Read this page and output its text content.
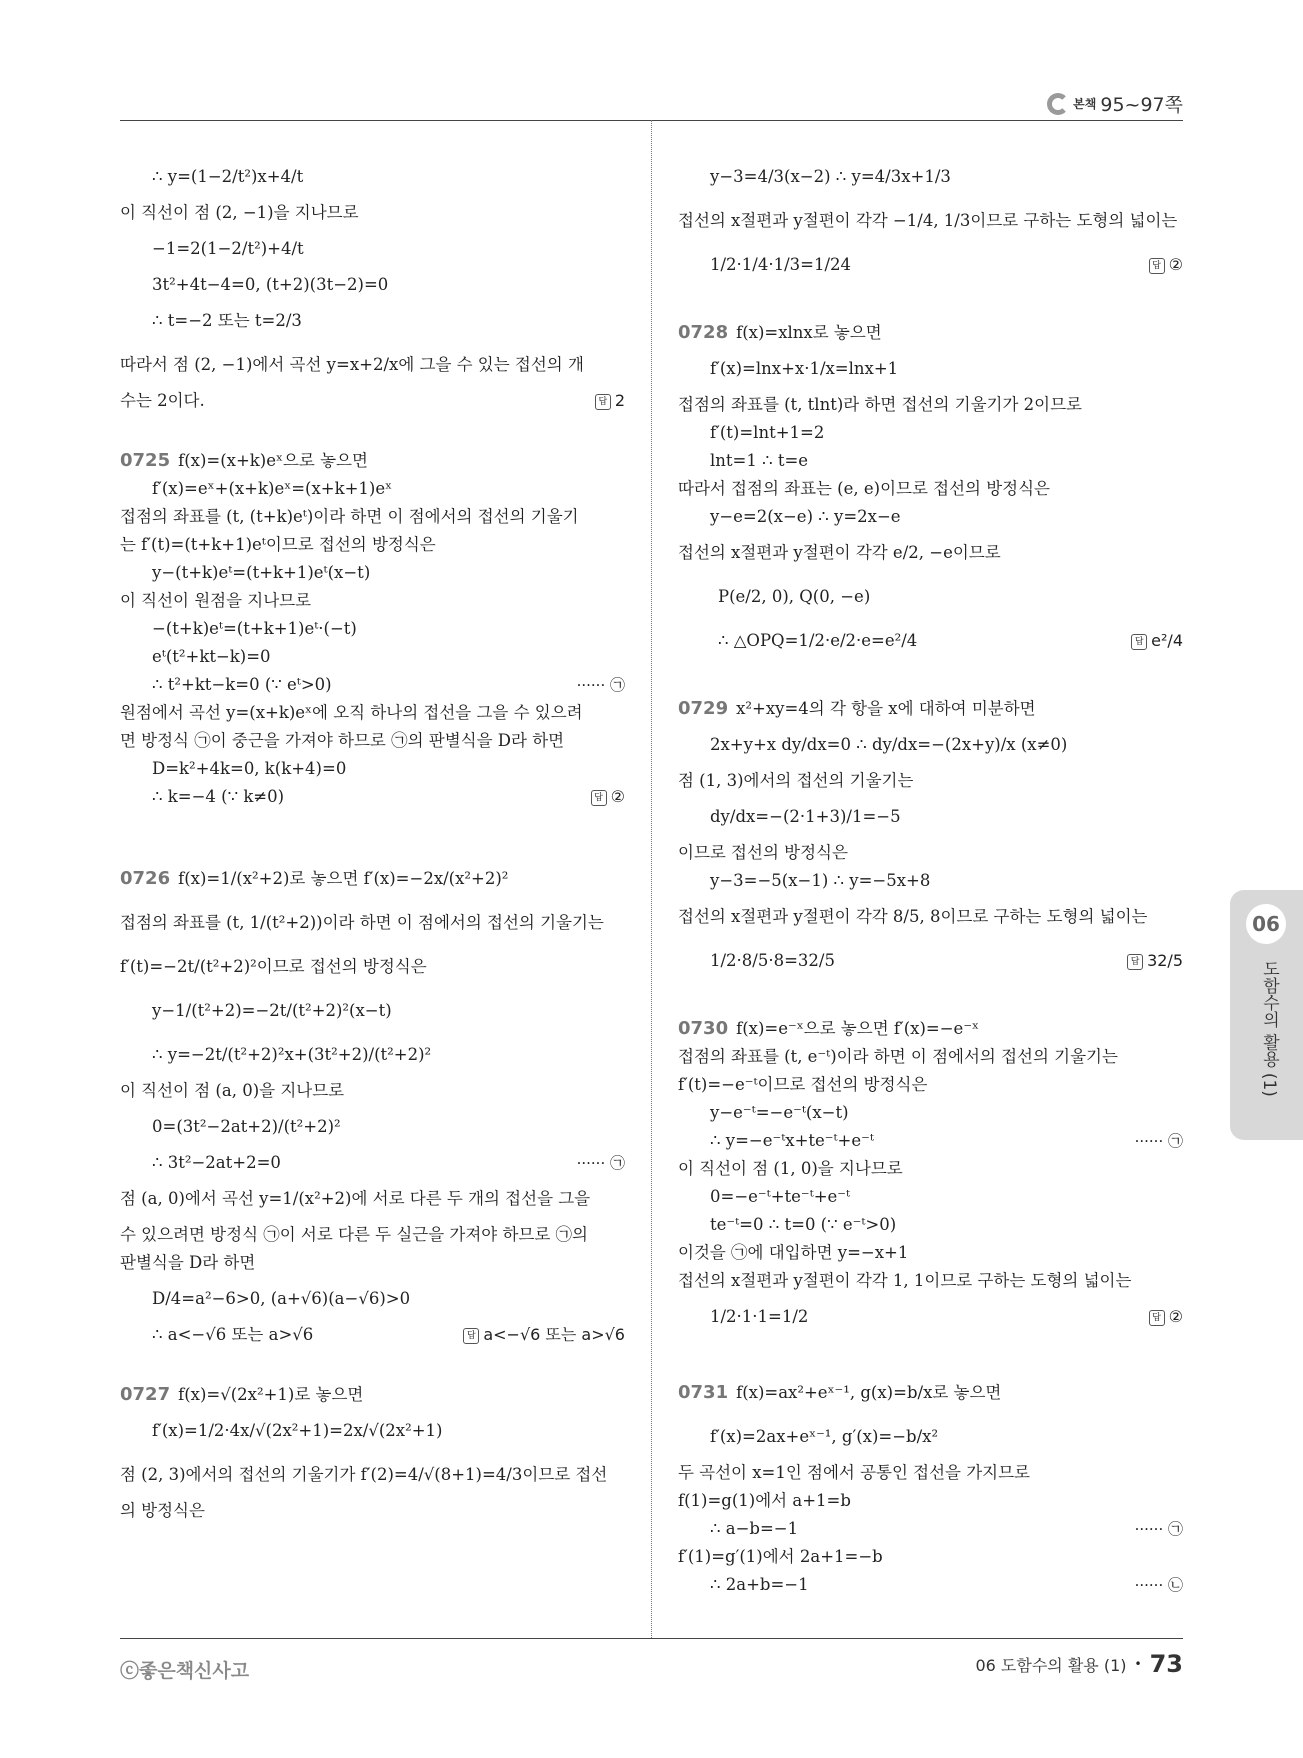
본책 95~97쪽
∴ y=(1−2/t²)x+4/t
이 직선이 점 (2, −1)을 지나므로
−1=2(1−2/t²)+4/t
3t²+4t−4=0, (t+2)(3t−2)=0
∴ t=−2 또는 t=2/3
따라서 점 (2, −1)에서 곡선 y=x+2/x에 그을 수 있는 접선의 개
수는 2이다.	답 2
0725 f(x)=(x+k)eˣ으로 놓으면
f′(x)=eˣ+(x+k)eˣ=(x+k+1)eˣ
접점의 좌표를 (t, (t+k)eᵗ)이라 하면 이 점에서의 접선의 기울기
는 f′(t)=(t+k+1)eᵗ이므로 접선의 방정식은
y−(t+k)eᵗ=(t+k+1)eᵗ(x−t)
이 직선이 원점을 지나므로
−(t+k)eᵗ=(t+k+1)eᵗ·(−t)
eᵗ(t²+kt−k)=0
∴ t²+kt−k=0 (∵ eᵗ>0)	······ ㉠
원점에서 곡선 y=(x+k)eˣ에 오직 하나의 접선을 그을 수 있으려
면 방정식 ㉠이 중근을 가져야 하므로 ㉠의 판별식을 D라 하면
D=k²+4k=0, k(k+4)=0
∴ k=−4 (∵ k≠0)	답 ②
0726 f(x)=1/(x²+2)로 놓으면 f′(x)=−2x/(x²+2)²
접점의 좌표를 (t, 1/(t²+2))이라 하면 이 점에서의 접선의 기울기는
f′(t)=−2t/(t²+2)²이므로 접선의 방정식은
y−1/(t²+2)=−2t/(t²+2)²(x−t)
∴ y=−2t/(t²+2)²x+(3t²+2)/(t²+2)²
이 직선이 점 (a, 0)을 지나므로
0=(3t²−2at+2)/(t²+2)²
∴ 3t²−2at+2=0	······ ㉠
점 (a, 0)에서 곡선 y=1/(x²+2)에 서로 다른 두 개의 접선을 그을
수 있으려면 방정식 ㉠이 서로 다른 두 실근을 가져야 하므로 ㉠의
판별식을 D라 하면
D/4=a²−6>0, (a+√6)(a−√6)>0
∴ a<−√6 또는 a>√6	답 a<−√6 또는 a>√6
0727 f(x)=√(2x²+1)로 놓으면
f′(x)=1/2·4x/√(2x²+1)=2x/√(2x²+1)
점 (2, 3)에서의 접선의 기울기가 f′(2)=4/√(8+1)=4/3이므로 접선
의 방정식은
y−3=4/3(x−2) ∴ y=4/3x+1/3
접선의 x절편과 y절편이 각각 −1/4, 1/3이므로 구하는 도형의 넓이는
1/2·1/4·1/3=1/24	답 ②
0728 f(x)=xlnx로 놓으면
f′(x)=lnx+x·1/x=lnx+1
접점의 좌표를 (t, tlnt)라 하면 접선의 기울기가 2이므로
f′(t)=lnt+1=2
lnt=1 ∴ t=e
따라서 접점의 좌표는 (e, e)이므로 접선의 방정식은
y−e=2(x−e) ∴ y=2x−e
접선의 x절편과 y절편이 각각 e/2, −e이므로
P(e/2, 0), Q(0, −e)
∴ △OPQ=1/2·e/2·e=e²/4	답 e²/4
0729 x²+xy=4의 각 항을 x에 대하여 미분하면
2x+y+x dy/dx=0 ∴ dy/dx=−(2x+y)/x (x≠0)
점 (1, 3)에서의 접선의 기울기는
dy/dx=−(2·1+3)/1=−5
이므로 접선의 방정식은
y−3=−5(x−1) ∴ y=−5x+8
접선의 x절편과 y절편이 각각 8/5, 8이므로 구하는 도형의 넓이는
1/2·8/5·8=32/5	답 32/5
0730 f(x)=e⁻ˣ으로 놓으면 f′(x)=−e⁻ˣ
접점의 좌표를 (t, e⁻ᵗ)이라 하면 이 점에서의 접선의 기울기는
f′(t)=−e⁻ᵗ이므로 접선의 방정식은
y−e⁻ᵗ=−e⁻ᵗ(x−t)
∴ y=−e⁻ᵗx+te⁻ᵗ+e⁻ᵗ	······ ㉠
이 직선이 점 (1, 0)을 지나므로
0=−e⁻ᵗ+te⁻ᵗ+e⁻ᵗ
te⁻ᵗ=0 ∴ t=0 (∵ e⁻ᵗ>0)
이것을 ㉠에 대입하면 y=−x+1
접선의 x절편과 y절편이 각각 1, 1이므로 구하는 도형의 넓이는
1/2·1·1=1/2	답 ②
0731 f(x)=ax²+eˣ⁻¹, g(x)=b/x로 놓으면
f′(x)=2ax+eˣ⁻¹, g′(x)=−b/x²
두 곡선이 x=1인 점에서 공통인 접선을 가지므로
f(1)=g(1)에서 a+1=b
∴ a−b=−1	······ ㉠
f′(1)=g′(1)에서 2a+1=−b
∴ 2a+b=−1	······ ㉡
06
도함수의 활용 (1)
ⓒ좋은책신사고	06 도함수의 활용 (1) • 73
